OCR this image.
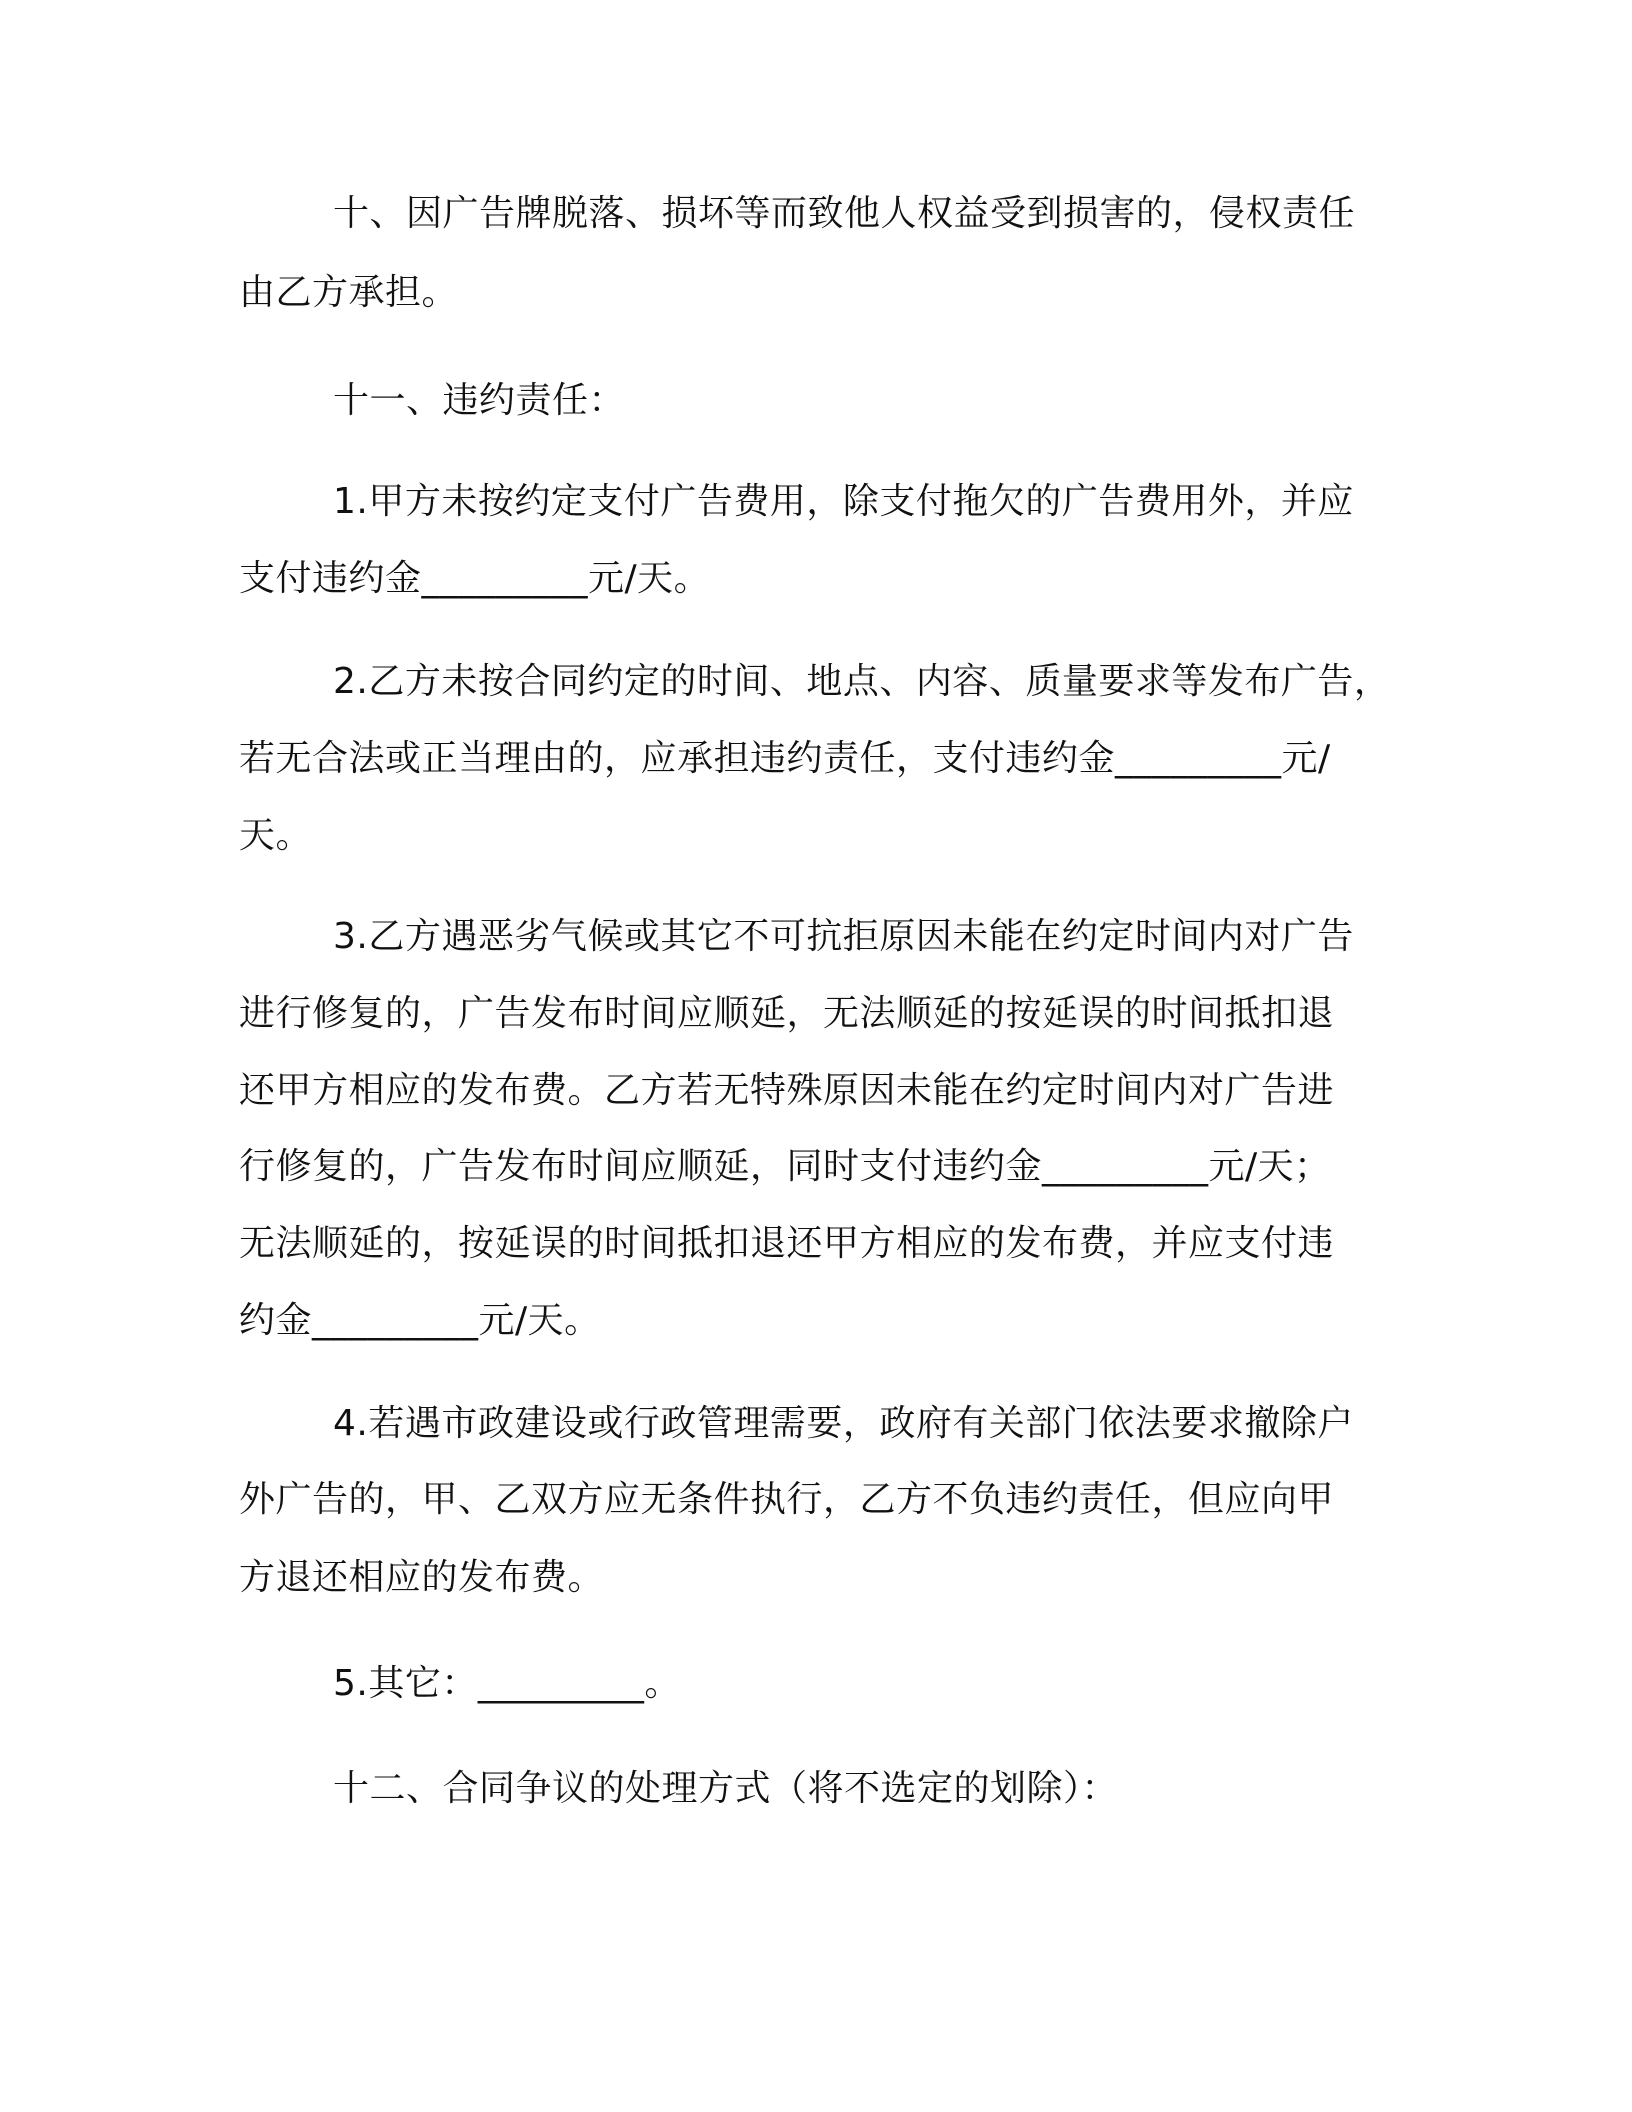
十、因广告牌脱落、损坏等而致他人权益受到损害的，侵权责任

由乙方承担。

十一、违约责任：

1.甲方未按约定支付广告费用，除支付拖欠的广告费用外，并应

支付违约金_________元/天。

2.乙方未按合同约定的时间、地点、内容、质量要求等发布广告，

若无合法或正当理由的，应承担违约责任，支付违约金_________元/

天。

3.乙方遇恶劣气候或其它不可抗拒原因未能在约定时间内对广告

进行修复的，广告发布时间应顺延，无法顺延的按延误的时间抵扣退

还甲方相应的发布费。乙方若无特殊原因未能在约定时间内对广告进

行修复的，广告发布时间应顺延，同时支付违约金_________元/天；

无法顺延的，按延误的时间抵扣退还甲方相应的发布费，并应支付违

约金_________元/天。

4.若遇市政建设或行政管理需要，政府有关部门依法要求撤除户

外广告的，甲、乙双方应无条件执行，乙方不负违约责任，但应向甲

方退还相应的发布费。

5.其它：_________。

十二、合同争议的处理方式（将不选定的划除）：
